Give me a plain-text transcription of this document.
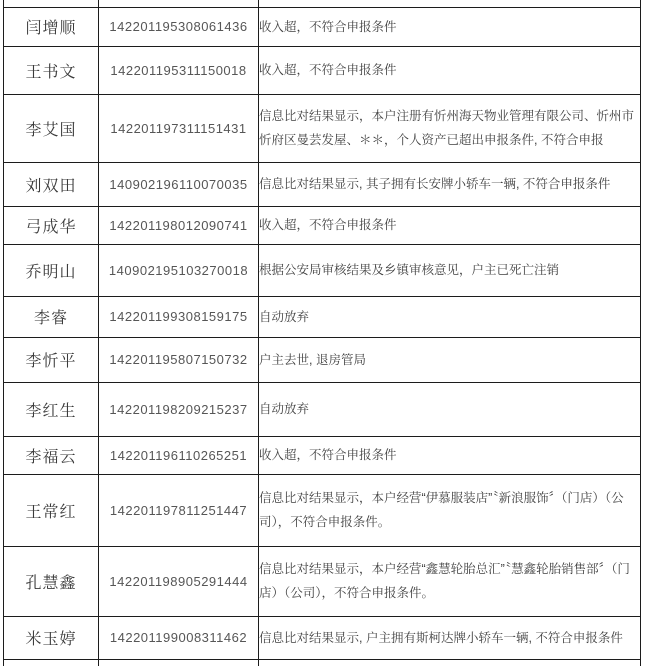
闫增顺	142201195308061436	收入超，不符合申报条件
王书文	142201195311150018	收入超，不符合申报条件
李艾国	142201197311151431	信息比对结果显示，本户注册有忻州海天物业管理有限公司、忻州市忻府区曼芸发屋、＊＊，个人资产已超出申报条件, 不符合申报
刘双田	140902196110070035	信息比对结果显示, 其子拥有长安牌小轿车一辆, 不符合申报条件
弓成华	142201198012090741	收入超，不符合申报条件
乔明山	140902195103270018	根据公安局审核结果及乡镇审核意见，户主已死亡注销
李睿	142201199308159175	自动放弃
李忻平	142201195807150732	户主去世, 退房管局
李红生	142201198209215237	自动放弃
李福云	142201196110265251	收入超，不符合申报条件
王常红	142201197811251447	信息比对结果显示，本户经营“伊慕服装店”〝新浪服饰〞（门店）（公司），不符合申报条件。
孔慧鑫	142201198905291444	信息比对结果显示，本户经营“鑫慧轮胎总汇”〝慧鑫轮胎销售部〞（门店）（公司），不符合申报条件。
米玉婷	142201199008311462	信息比对结果显示, 户主拥有斯柯达牌小轿车一辆, 不符合申报条件
